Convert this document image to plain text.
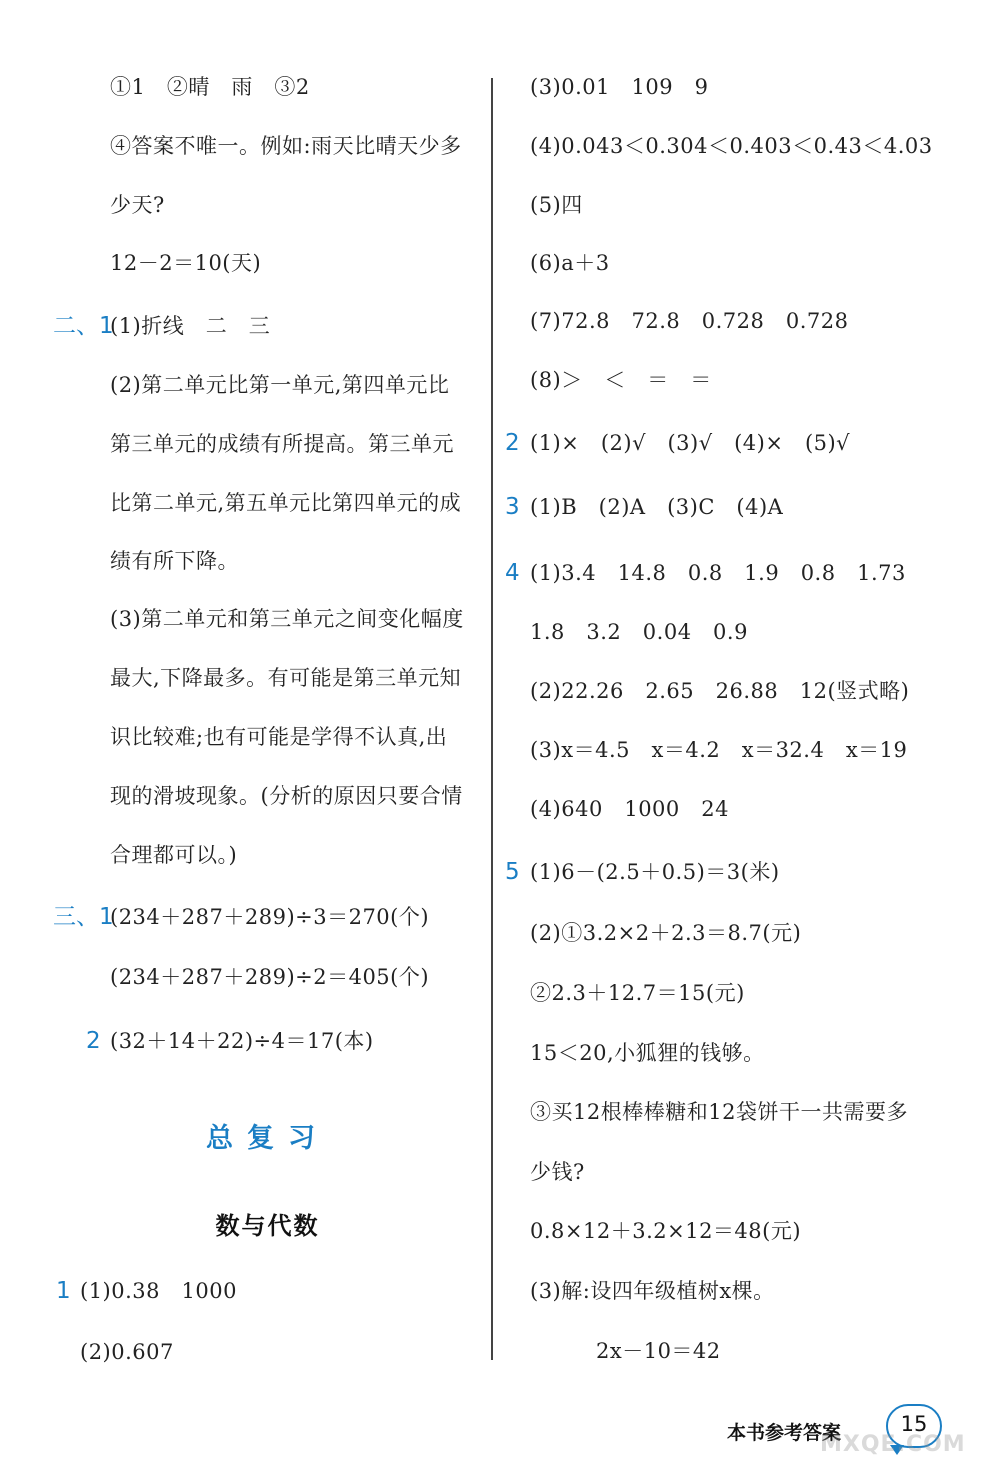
①1　②晴　雨　③2
④答案不唯一。例如:雨天比晴天少多
少天?
12－2＝10(天)
二、1
(1)折线　二　三
(2)第二单元比第一单元,第四单元比
第三单元的成绩有所提高。第三单元
比第二单元,第五单元比第四单元的成
绩有所下降。
(3)第二单元和第三单元之间变化幅度
最大,下降最多。有可能是第三单元知
识比较难;也有可能是学得不认真,出
现的滑坡现象。(分析的原因只要合情
合理都可以。)
三、1
(234＋287＋289)÷3＝270(个)
(234＋287＋289)÷2＝405(个)
2 (32＋14＋22)÷4＝17(本)
总复习
数与代数
1 (1)0.38　1000
(2)0.607
(3)0.01　109　9
(4)0.043＜0.304＜0.403＜0.43＜4.03
(5)四
(6)a＋3
(7)72.8　72.8　0.728　0.728
(8)＞　＜　＝　＝
2 (1)×　(2)√　(3)√　(4)×　(5)√
3 (1)B　(2)A　(3)C　(4)A
4 (1)3.4　14.8　0.8　1.9　0.8　1.73
1.8　3.2　0.04　0.9
(2)22.26　2.65　26.88　12(竖式略)
(3)x＝4.5　x＝4.2　x＝32.4　x＝19
(4)640　1000　24
5 (1)6－(2.5＋0.5)＝3(米)
(2)①3.2×2＋2.3＝8.7(元)
②2.3＋12.7＝15(元)
15＜20,小狐狸的钱够。
③买12根棒棒糖和12袋饼干一共需要多
少钱?
0.8×12＋3.2×12＝48(元)
(3)解:设四年级植树x棵。
2x－10＝42
本书参考答案	15
MXQE.COM
